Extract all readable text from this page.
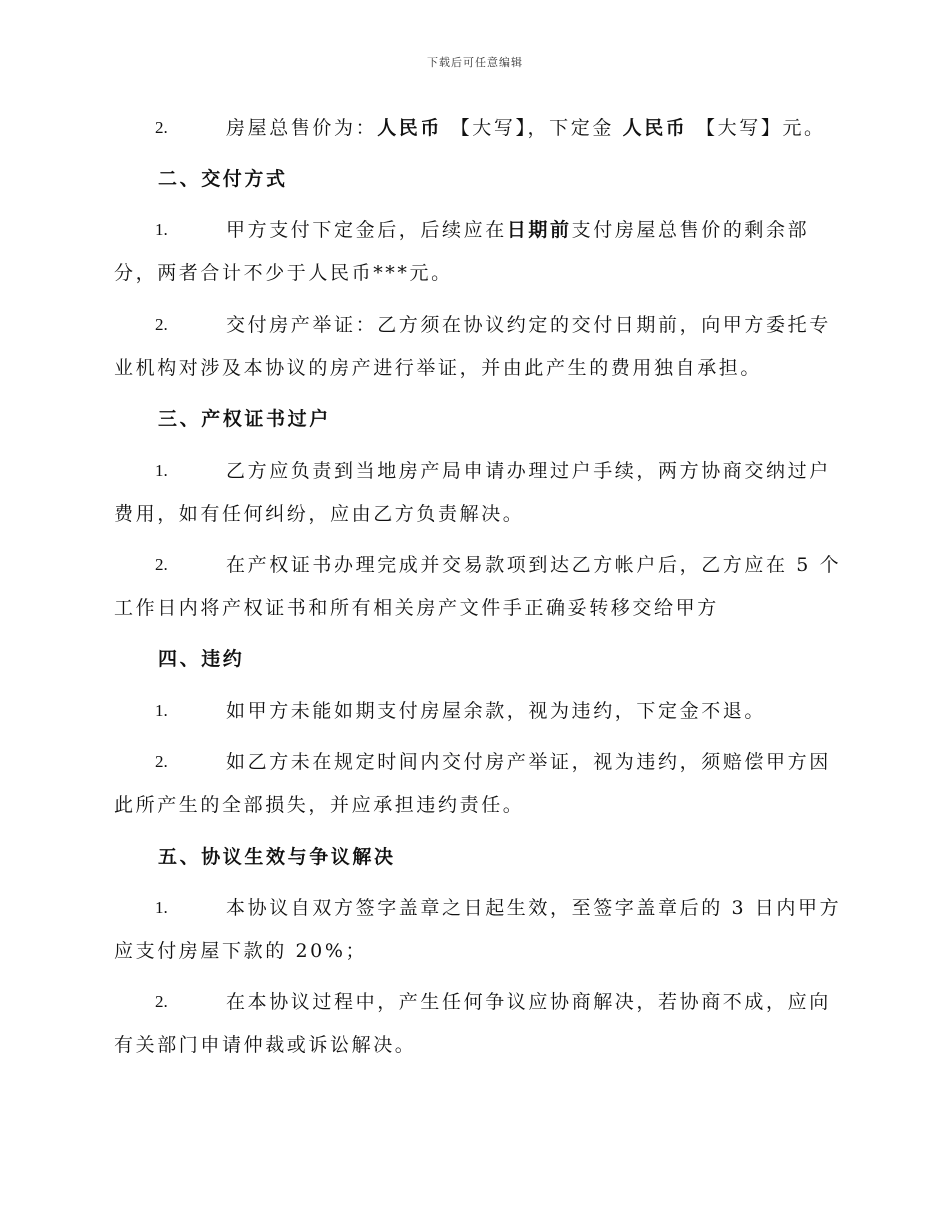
下载后可任意编辑
2.	房屋总售价为：人民币 【大写】，下定金 人民币 【大写】元。
二、交付方式
1.	甲方支付下定金后，后续应在日期前支付房屋总售价的剩余部
分，两者合计不少于人民币***元。
2.	交付房产举证：乙方须在协议约定的交付日期前，向甲方委托专
业机构对涉及本协议的房产进行举证，并由此产生的费用独自承担。
三、产权证书过户
1.	乙方应负责到当地房产局申请办理过户手续，两方协商交纳过户
费用，如有任何纠纷，应由乙方负责解决。
2.	在产权证书办理完成并交易款项到达乙方帐户后，乙方应在 5 个
工作日内将产权证书和所有相关房产文件手正确妥转移交给甲方
四、违约
1.	如甲方未能如期支付房屋余款，视为违约，下定金不退。
2.	如乙方未在规定时间内交付房产举证，视为违约，须赔偿甲方因
此所产生的全部损失，并应承担违约责任。
五、协议生效与争议解决
1.	本协议自双方签字盖章之日起生效，至签字盖章后的 3 日内甲方
应支付房屋下款的 20%；
2.	在本协议过程中，产生任何争议应协商解决，若协商不成，应向
有关部门申请仲裁或诉讼解决。
